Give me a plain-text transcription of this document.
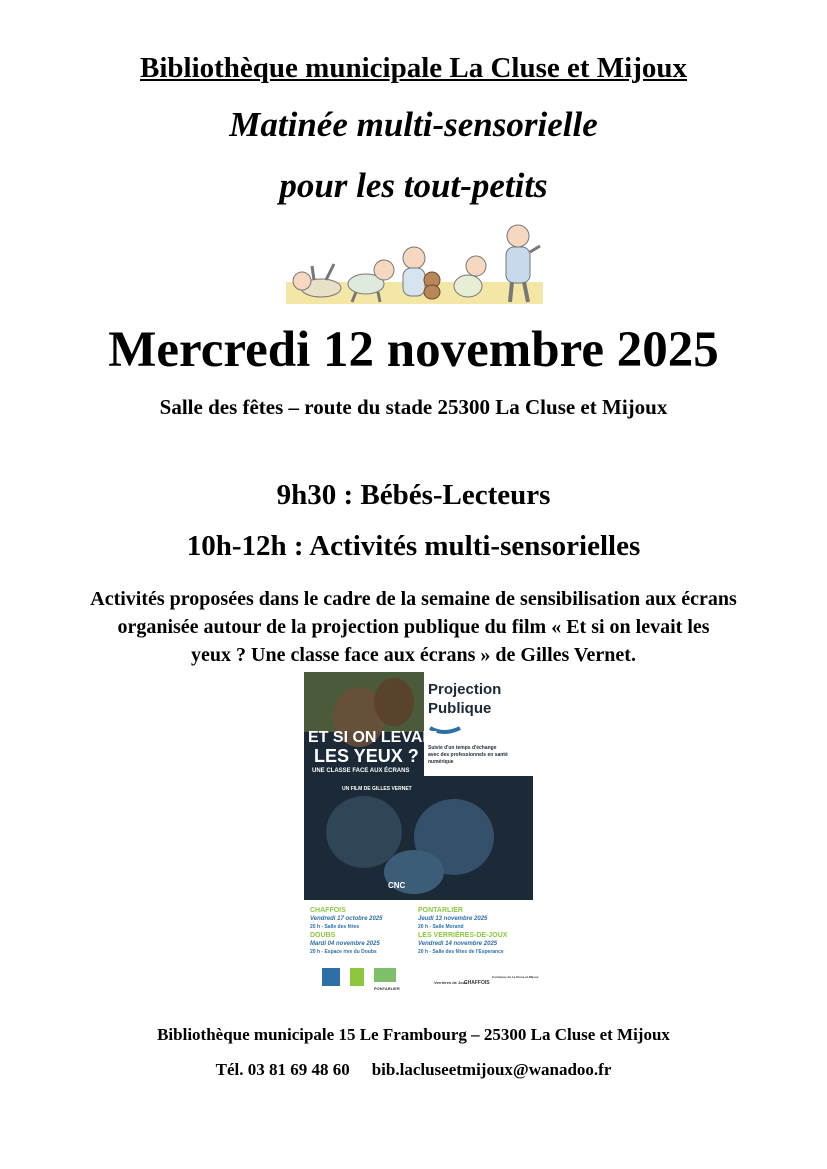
Bibliothèque municipale La Cluse et Mijoux
Matinée multi-sensorielle
pour les tout-petits
Mercredi 12 novembre 2025
Salle des fêtes – route du stade 25300 La Cluse et Mijoux
9h30 : Bébés-Lecteurs
10h-12h : Activités multi-sensorielles
Activités proposées dans le cadre de la semaine de sensibilisation aux écrans
organisée autour de la projection publique du film « Et si on levait les
yeux ? Une classe face aux écrans » de Gilles Vernet.
Projection
Publique
Suivie d'un temps d'échange
avec des professionnels en santé
numérique
ET SI ON LEVAIT
LES YEUX ?
UNE CLASSE FACE AUX ÉCRANS
UN FILM DE GILLES VERNET
CNC
CHAFFOIS
Vendredi 17 octobre 2025
20 h - Salle des fêtes
DOUBS
Mardi 04 novembre 2025
20 h - Espace rive du Doubs
PONTARLIER
Jeudi 13 novembre 2025
20 h - Salle Morand
LES VERRIÈRES-DE-JOUX
Vendredi 14 novembre 2025
20 h - Salle des fêtes de l'Esperance
PONTARLIER
Verrières de Joux
CHAFFOIS
Commune de La Cluse-et-Mijoux
Bibliothèque municipale 15 Le Frambourg – 25300 La Cluse et Mijoux
Tél. 03 81 69 48 60 bib.lacluseetmijoux@wanadoo.fr
